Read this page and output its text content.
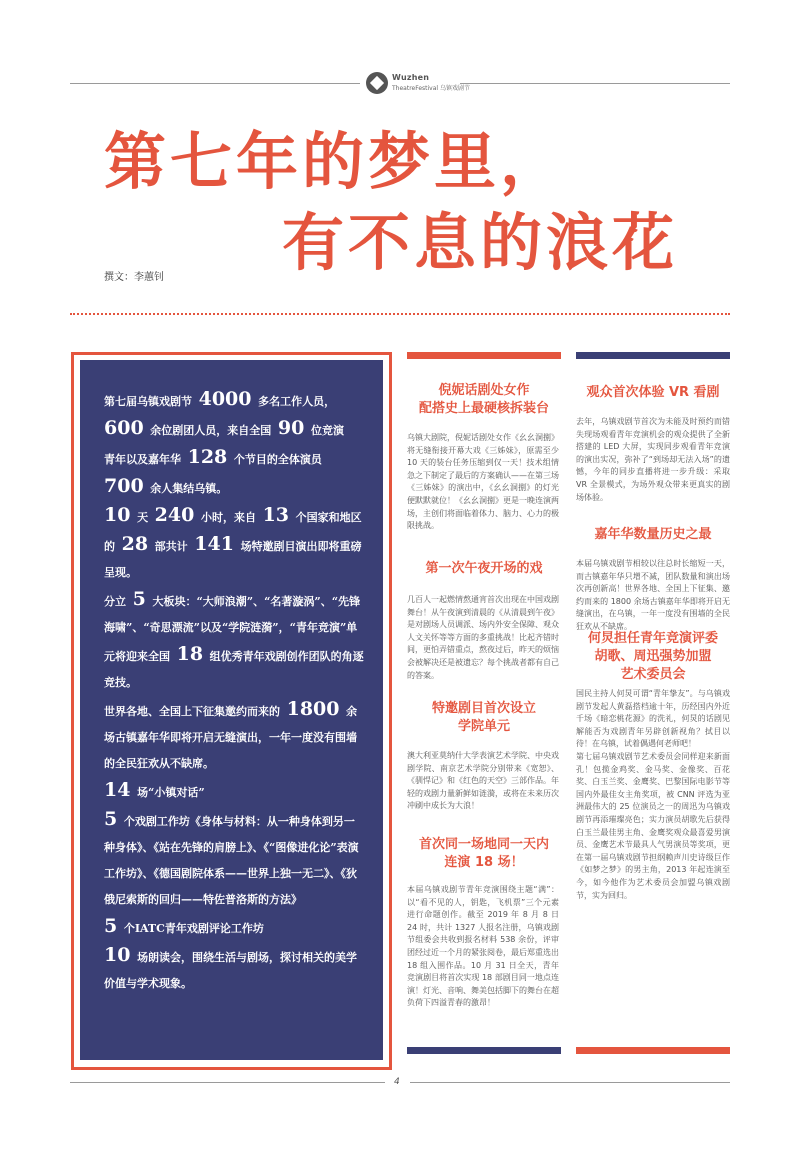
Wuzhen
TheatreFestival 乌镇戏剧节
第七年的梦里，
有不息的浪花
撰文：李蕙钊

第七届乌镇戏剧节 4000 多名工作人员，

600 余位剧团人员，来自全国 90 位竞演

青年以及嘉年华 128 个节目的全体演员

700 余人集结乌镇。

10 天 240 小时，来自 13 个国家和地区

的 28 部共计 141 场特邀剧目演出即将重磅呈现。

分立 5 大板块：“大师浪潮”、“名著漩涡”、“先锋海啸”、“奇思漂流”以及“学院涟漪”，“青年竞演”单元将迎来全国 18 组优秀青年戏剧创作团队的角逐竞技。

世界各地、全国上下征集邀约而来的 1800 余场古镇嘉年华即将开启无缝演出，一年一度没有围墙的全民狂欢从不缺席。

14 场“小镇对话”

5 个戏剧工作坊《身体与材料：从一种身体到另一种身体》、《站在先锋的肩膀上》、《“图像进化论”表演工作坊》、《德国剧院体系——世界上独一无二》、《狄俄尼索斯的回归——特佐普洛斯的方法》

5 个IATC青年戏剧评论工作坊

10 场朗读会，围绕生活与剧场，探讨相关的美学价值与学术现象。

倪妮话剧处女作
配搭史上最硬核拆装台
乌镇大剧院，倪妮话剧处女作《幺幺洞捌》将无缝衔接开幕大戏《三姊妹》，原需至少 10 天的装台任务压缩到仅一天！技术组情急之下制定了最后的方案确认——在第三场《三姊妹》的演出中，《幺幺洞捌》的灯光便默默就位！《幺幺洞捌》更是一晚连演两场，主创们将面临着体力、脑力、心力的极限挑战。
第一次午夜开场的戏
几百人一起燃情熬通宵首次出现在中国戏剧舞台！从午夜演到清晨的《从清晨到午夜》是对剧场人员调派、场内外安全保障、观众人文关怀等等方面的多重挑战！比起齐错时间，更怕弄错重点，熬夜过后，昨天的烦恼会被解决还是被遗忘？每个挑战者都有自己的答案。
特邀剧目首次设立
学院单元
澳大利亚莫纳什大学表演艺术学院、中央戏剧学院、南京艺术学院分别带来《宽恕》、《驯悍记》和《红色的天空》三部作品。年轻的戏剧力量新鲜如涟漪，或将在未来历次冲刷中成长为大浪！
首次同一场地同一天内
连演 18 场！
本届乌镇戏剧节青年竞演围绕主题“满”：以“看不见的人，钥匙，飞机票”三个元素进行命题创作。截至 2019 年 8 月 8 日 24 时，共计 1327 人报名注册，乌镇戏剧节组委会共收到报名材料 538 余份，评审团经过近一个月的紧张阅卷，最后郑重选出 18 组入围作品。10 月 31 日全天，青年竞演剧目将首次实现 18 部剧目同一地点连演！灯光、音响、舞美包括脚下的舞台在超负荷下四溢青春的激昂！
观众首次体验 VR 看剧
去年，乌镇戏剧节首次为未能及时预约而错失现场观看青年竞演机会的观众提供了全新搭建的 LED 大屏，实现同步观看青年竞演的演出实况，弥补了“到场却无法入场”的遗憾，今年的同步直播将进一步升级：采取 VR 全景模式，为场外观众带来更真实的剧场体验。
嘉年华数量历史之最
本届乌镇戏剧节相较以往总时长缩短一天，而古镇嘉年华只增不减，团队数量和演出场次再创新高！世界各地、全国上下征集、邀约而来的 1800 余场古镇嘉年华即将开启无缝演出，在乌镇，一年一度没有围墙的全民狂欢从不缺席。
何炅担任青年竞演评委
胡歌、周迅强势加盟
艺术委员会
国民主持人何炅可谓“青年挚友”。与乌镇戏剧节发起人黄磊搭档逾十年，历经国内外近千场《暗恋桃花源》的洗礼，何炅的话剧见解能否为戏剧青年另辟创新视角？拭目以待！在乌镇，试着偶遇何老师吧！
第七届乌镇戏剧节艺术委员会同样迎来新面孔！包揽金鸡奖、金马奖、金像奖、百花奖、白玉兰奖、金鹰奖、巴黎国际电影节等国内外最佳女主角奖项，被 CNN 评选为亚洲最伟大的 25 位演员之一的周迅为乌镇戏剧节再添璀璨亮色；实力演员胡歌先后获得白玉兰最佳男主角、金鹰奖观众最喜爱男演员、金鹰艺术节最具人气男演员等奖项，更在第一届乌镇戏剧节担纲赖声川史诗级巨作《如梦之梦》的男主角，2013 年起连演至今，如今他作为艺术委员会加盟乌镇戏剧节，实为回归。
4
